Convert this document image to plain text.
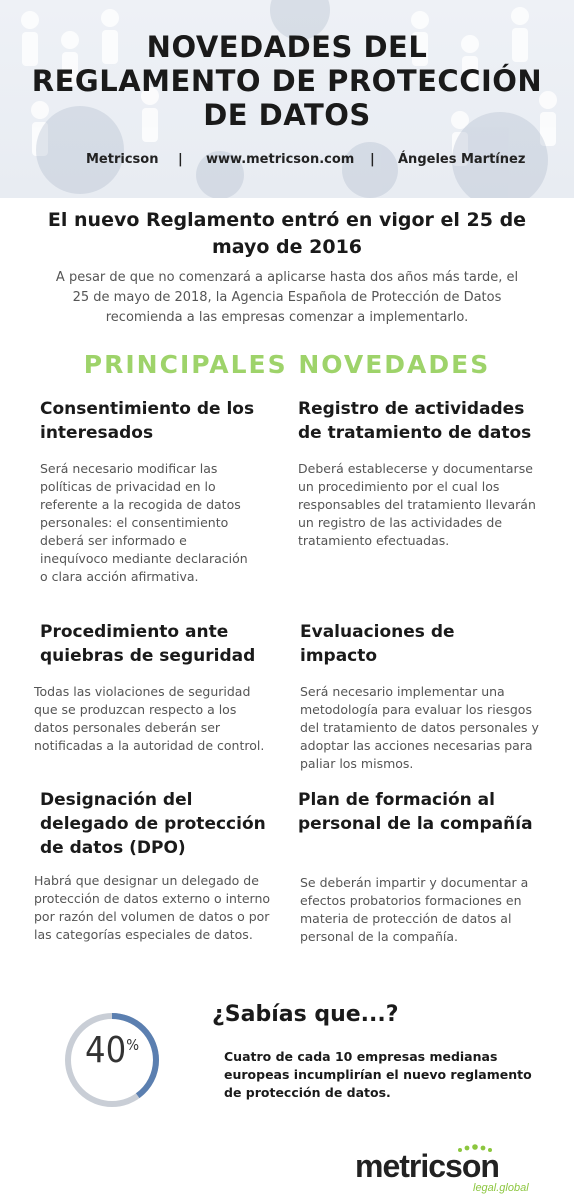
NOVEDADES DEL
REGLAMENTO DE PROTECCIÓN
DE DATOS
Metricson | www.metricson.com | Ángeles Martínez
El nuevo Reglamento entró en vigor el 25 de mayo de 2016
A pesar de que no comenzará a aplicarse hasta dos años más tarde, el 25 de mayo de 2018, la Agencia Española de Protección de Datos recomienda a las empresas comenzar a implementarlo.
PRINCIPALES NOVEDADES
Consentimiento de los interesados
Será necesario modificar las políticas de privacidad en lo referente a la recogida de datos personales: el consentimiento deberá ser informado e inequívoco mediante declaración o clara acción afirmativa.
Registro de actividades de tratamiento de datos
Deberá establecerse y documentarse un procedimiento por el cual los responsables del tratamiento llevarán un registro de las actividades de tratamiento efectuadas.
Procedimiento ante quiebras de seguridad
Todas las violaciones de seguridad que se produzcan respecto a los datos personales deberán ser notificadas a la autoridad de control.
Evaluaciones de impacto
Será necesario implementar una metodología para evaluar los riesgos del tratamiento de datos personales y adoptar las acciones necesarias para paliar los mismos.
Designación del delegado de protección de datos (DPO)
Habrá que designar un delegado de protección de datos externo o interno por razón del volumen de datos o por las categorías especiales de datos.
Plan de formación al personal de la compañía
Se deberán impartir y documentar a efectos probatorios formaciones en materia de protección de datos al personal de la compañía.
40%
¿Sabías que...?
Cuatro de cada 10 empresas medianas europeas incumplirían el nuevo reglamento de protección de datos.
metricson
legal.global
